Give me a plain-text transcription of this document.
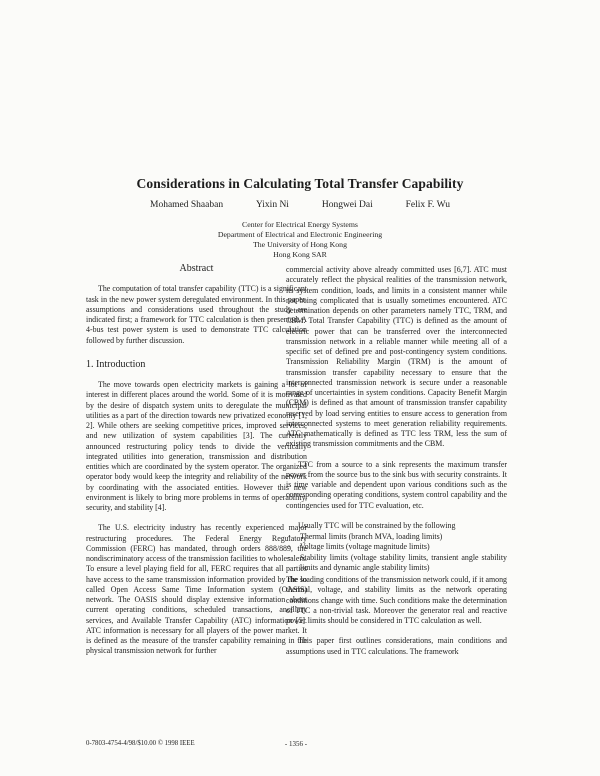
Considerations in Calculating Total Transfer Capability
Mohamed Shaaban	Yixin Ni	Hongwei Dai	Felix F. Wu
Center for Electrical Energy Systems
Department of Electrical and Electronic Engineering
The University of Hong Kong
Hong Kong SAR
Abstract

The computation of total transfer capability (TTC) is a significant task in the new power system deregulated environment. In this paper, assumptions and considerations used throughout the study are indicated first; a framework for TTC calculation is then presented. A 4-bus test power system is used to demonstrate TTC calculation followed by further discussion.

1. Introduction

The move towards open electricity markets is gaining a lot of interest in different places around the world. Some of it is motivated by the desire of dispatch system units to deregulate the municipal utilities as a part of the direction towards new privatized economy [1, 2]. While others are seeking competitive prices, improved services, and new utilization of system capabilities [3]. The currently announced restructuring policy tends to divide the vertically integrated utilities into generation, transmission and distribution entities which are coordinated by the system operator. The organized operator body would keep the integrity and reliability of the network by coordinating with the associated entities. However this new environment is likely to bring more problems in terms of operability, security, and stability [4].

The U.S. electricity industry has recently experienced major restructuring procedures. The Federal Energy Regulatory Commission (FERC) has mandated, through orders 888/889, the nondiscriminatory access of the transmission facilities to wholesalers. To ensure a level playing field for all, FERC requires that all parties have access to the same transmission information provided by the so called Open Access Same Time Information system (OASIS) network. The OASIS should display extensive information about current operating conditions, scheduled transactions, ancillary services, and Available Transfer Capability (ATC) information [5]. ATC information is necessary for all players of the power market. It is defined as the measure of the transfer capability remaining in the physical transmission network for further

commercial activity above already committed uses [6,7]. ATC must accurately reflect the physical realities of the transmission network, its system condition, loads, and limits in a consistent manner while not being complicated that is usually sometimes encountered. ATC determination depends on other parameters namely TTC, TRM, and CBM. Total Transfer Capability (TTC) is defined as the amount of electric power that can be transferred over the interconnected transmission network in a reliable manner while meeting all of a specific set of defined pre and post-contingency system conditions. Transmission Reliability Margin (TRM) is the amount of transmission transfer capability necessary to ensure that the interconnected transmission network is secure under a reasonable range of uncertainties in system conditions. Capacity Benefit Margin (CBM) is defined as that amount of transmission transfer capability reserved by load serving entities to ensure access to generation from interconnected systems to meet generation reliability requirements. ATC mathematically is defined as TTC less TRM, less the sum of existing transmission commitments and the CBM.

TTC from a source to a sink represents the maximum transfer power from the source bus to the sink bus with security constraints. It is time variable and dependent upon various conditions such as the corresponding operating conditions, system control capability and the contingencies used for TTC evaluation, etc.

Usually TTC will be constrained by the following
- Thermal limits (branch MVA, loading limits)
- Voltage limits (voltage magnitude limits)
- Stability limits (voltage stability limits, transient angle stability limits and dynamic angle stability limits)

The loading conditions of the transmission network could, if it among thermal, voltage, and stability limits as the network operating conditions change with time. Such conditions make the determination of TTC a non-trivial task. Moreover the generator real and reactive power limits should be considered in TTC calculation as well.

This paper first outlines considerations, main conditions and assumptions used in TTC calculations. The framework

0-7803-4754-4/98/$10.00 © 1998 IEEE	- 1356 -
